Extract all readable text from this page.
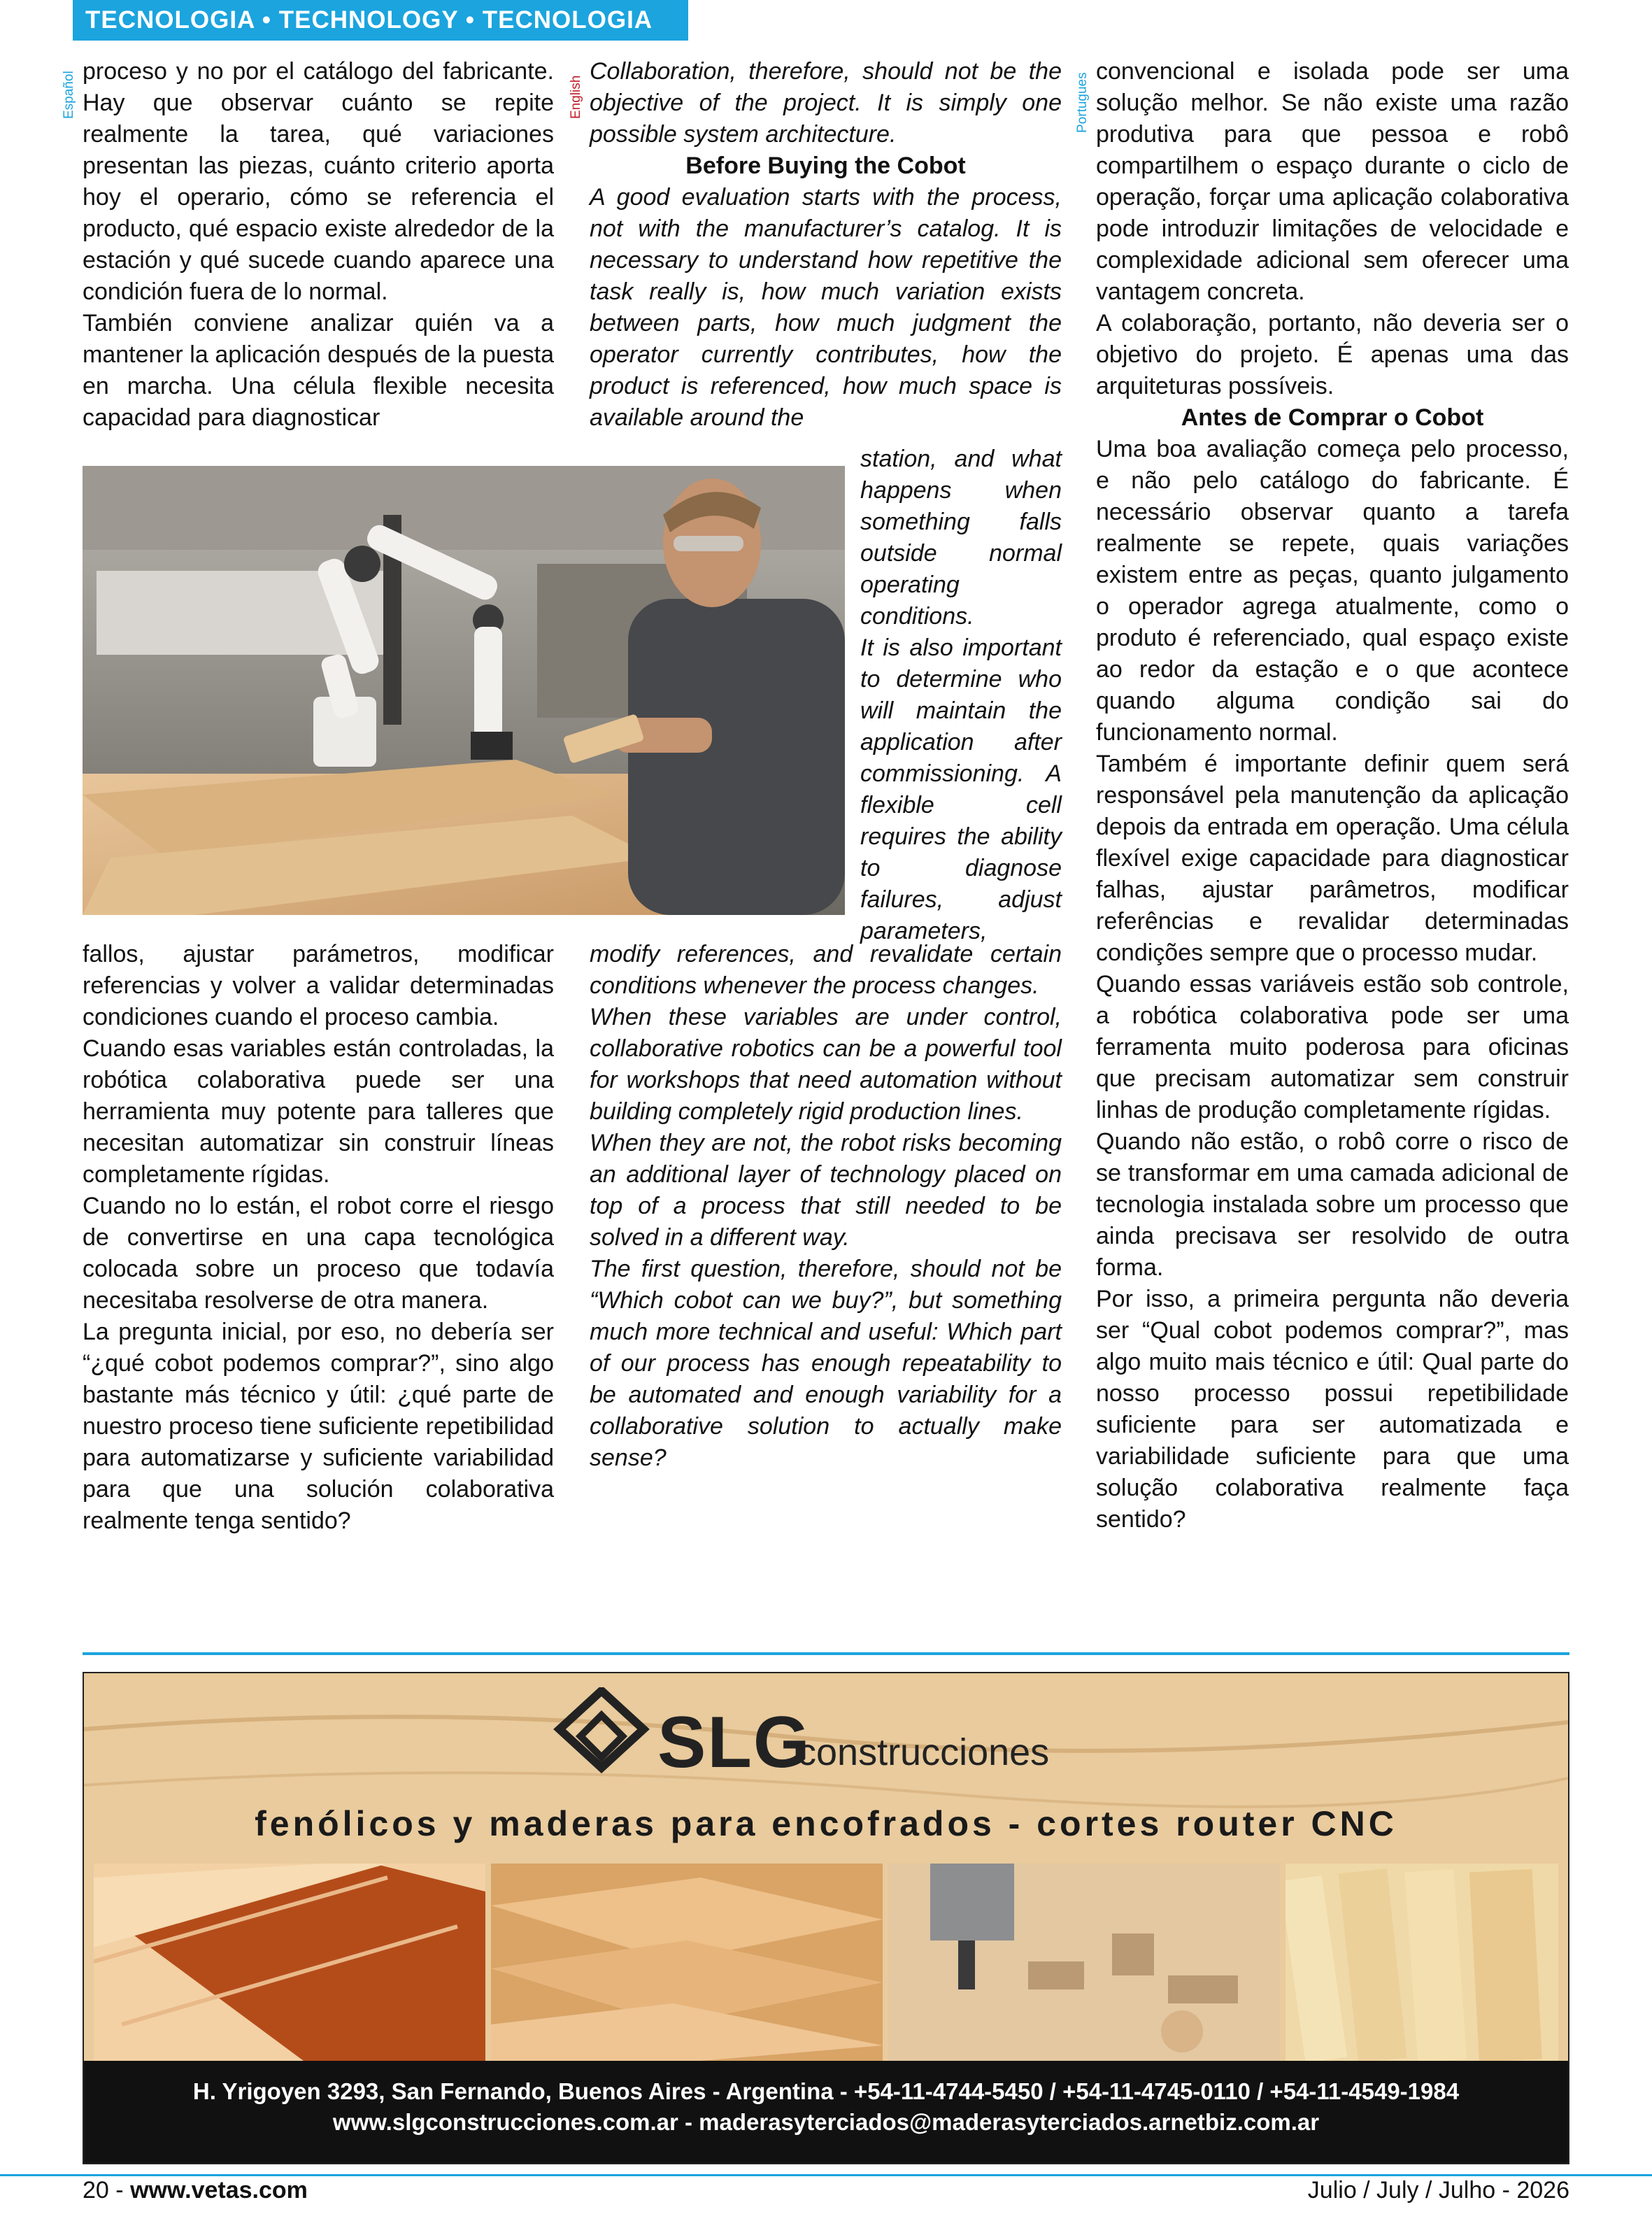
TECNOLOGIA • TECHNOLOGY • TECNOLOGIA
Español	English	Portugues

proceso y no por el catálogo del fabricante. Hay que observar cuánto se repite realmente la tarea, qué variaciones presentan las piezas, cuánto criterio aporta hoy el operario, cómo se referencia el producto, qué espacio existe alrededor de la estación y qué sucede cuando aparece una condición fuera de lo normal.

También conviene analizar quién va a mantener la aplicación después de la puesta en marcha. Una célula flexible necesita capacidad para diagnosticar

Collaboration, therefore, should not be the objective of the project. It is simply one possible system architecture.

Before Buying the Cobot

A good evaluation starts with the process, not with the manufacturer’s catalog. It is necessary to understand how repetitive the task really is, how much variation exists between parts, how much judgment the operator currently contributes, how the product is referenced, how much space is available around the

station, and what happens when something falls outside normal operating conditions.

It is also important to determine who will maintain the application after commissioning. A flexible cell requires the ability to diagnose failures, adjust parameters,

fallos, ajustar parámetros, modificar referencias y volver a validar determinadas condiciones cuando el proceso cambia.

Cuando esas variables están controladas, la robótica colaborativa puede ser una herramienta muy potente para talleres que necesitan automatizar sin construir líneas completamente rígidas.

Cuando no lo están, el robot corre el riesgo de convertirse en una capa tecnológica colocada sobre un proceso que todavía necesitaba resolverse de otra manera.

La pregunta inicial, por eso, no debería ser “¿qué cobot podemos comprar?”, sino algo bastante más técnico y útil: ¿qué parte de nuestro proceso tiene suficiente repetibilidad para automatizarse y suficiente variabilidad para que una solución colaborativa realmente tenga sentido?

modify references, and revalidate certain conditions whenever the process changes.

When these variables are under control, collaborative robotics can be a powerful tool for workshops that need automation without building completely rigid production lines.

When they are not, the robot risks becoming an additional layer of technology placed on top of a process that still needed to be solved in a different way.

The first question, therefore, should not be “Which cobot can we buy?”, but something much more technical and useful: Which part of our process has enough repeatability to be automated and enough variability for a collaborative solution to actually make sense?

convencional e isolada pode ser uma solução melhor. Se não existe uma razão produtiva para que pessoa e robô compartilhem o espaço durante o ciclo de operação, forçar uma aplicação colaborativa pode introduzir limitações de velocidade e complexidade adicional sem oferecer uma vantagem concreta.

A colaboração, portanto, não deveria ser o objetivo do projeto. É apenas uma das arquiteturas possíveis.

Antes de Comprar o Cobot

Uma boa avaliação começa pelo processo, e não pelo catálogo do fabricante. É necessário observar quanto a tarefa realmente se repete, quais variações existem entre as peças, quanto julgamento o operador agrega atualmente, como o produto é referenciado, qual espaço existe ao redor da estação e o que acontece quando alguma condição sai do funcionamento normal.

Também é importante definir quem será responsável pela manutenção da aplicação depois da entrada em operação. Uma célula flexível exige capacidade para diagnosticar falhas, ajustar parâmetros, modificar referências e revalidar determinadas condições sempre que o processo mudar.

Quando essas variáveis estão sob controle, a robótica colaborativa pode ser uma ferramenta muito poderosa para oficinas que precisam automatizar sem construir linhas de produção completamente rígidas.

Quando não estão, o robô corre o risco de se transformar em uma camada adicional de tecnologia instalada sobre um processo que ainda precisava ser resolvido de outra forma.

Por isso, a primeira pergunta não deveria ser “Qual cobot podemos comprar?”, mas algo muito mais técnico e útil: Qual parte do nosso processo possui repetibilidade suficiente para ser automatizada e variabilidade suficiente para que uma solução colaborativa realmente faça sentido?

SLG
construcciones
fenólicos y maderas para encofrados - cortes router CNC
H. Yrigoyen 3293, San Fernando, Buenos Aires - Argentina - +54-11-4744-5450 / +54-11-4745-0110 / +54-11-4549-1984
www.slgconstrucciones.com.ar - maderasyterciados@maderasyterciados.arnetbiz.com.ar
20 - www.vetas.com	Julio / July / Julho - 2026
